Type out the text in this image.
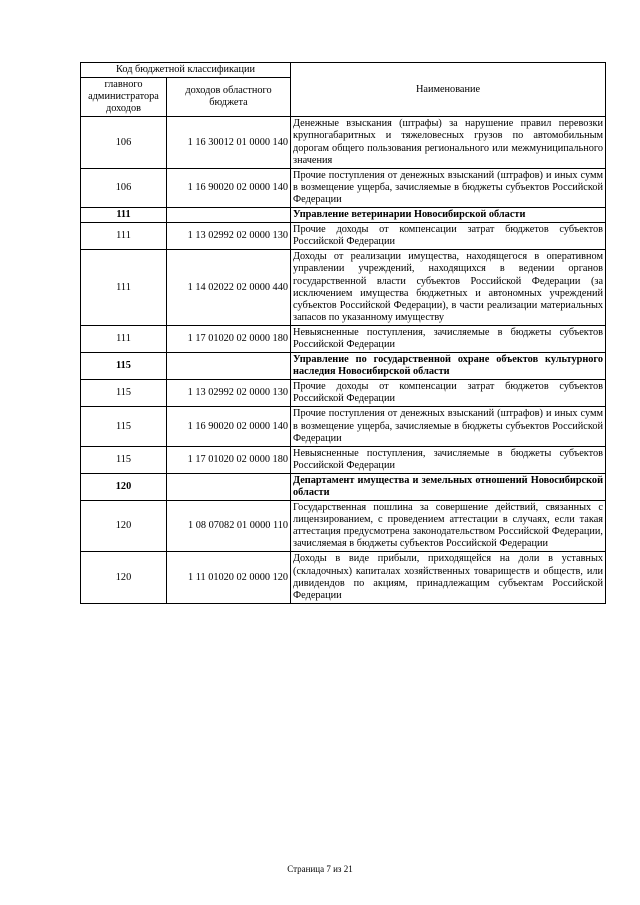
Код бюджетной классификации		Наименование
главного администратора доходов	доходов областного бюджета	
106	1 16 30012 01 0000 140	Денежные взыскания (штрафы) за нарушение правил перевозки крупногабаритных и тяжеловесных грузов по автомобильным дорогам общего пользования регионального или межмуниципального значения
106	1 16 90020 02 0000 140	Прочие поступления от денежных взысканий (штрафов) и иных сумм в возмещение ущерба, зачисляемые в бюджеты субъектов Российской Федерации
111		Управление ветеринарии Новосибирской области
111	1 13 02992 02 0000 130	Прочие доходы от компенсации затрат бюджетов субъектов Российской Федерации
111	1 14 02022 02 0000 440	Доходы от реализации имущества, находящегося в оперативном управлении учреждений, находящихся в ведении органов государственной власти субъектов Российской Федерации (за исключением имущества бюджетных и автономных учреждений субъектов Российской Федерации), в части реализации материальных запасов по указанному имуществу
111	1 17 01020 02 0000 180	Невыясненные поступления, зачисляемые в бюджеты субъектов Российской Федерации
115		Управление по государственной охране объектов культурного наследия Новосибирской области
115	1 13 02992 02 0000 130	Прочие доходы от компенсации затрат бюджетов субъектов Российской Федерации
115	1 16 90020 02 0000 140	Прочие поступления от денежных взысканий (штрафов) и иных сумм в возмещение ущерба, зачисляемые в бюджеты субъектов Российской Федерации
115	1 17 01020 02 0000 180	Невыясненные поступления, зачисляемые в бюджеты субъектов Российской Федерации
120		Департамент имущества и земельных отношений Новосибирской области
120	1 08 07082 01 0000 110	Государственная пошлина за совершение действий, связанных с лицензированием, с проведением аттестации в случаях, если такая аттестация предусмотрена законодательством Российской Федерации, зачисляемая в бюджеты субъектов Российской Федерации
120	1 11 01020 02 0000 120	Доходы в виде прибыли, приходящейся на доли в уставных (складочных) капиталах хозяйственных товариществ и обществ, или дивидендов по акциям, принадлежащим субъектам Российской Федерации
Страница 7 из 21
